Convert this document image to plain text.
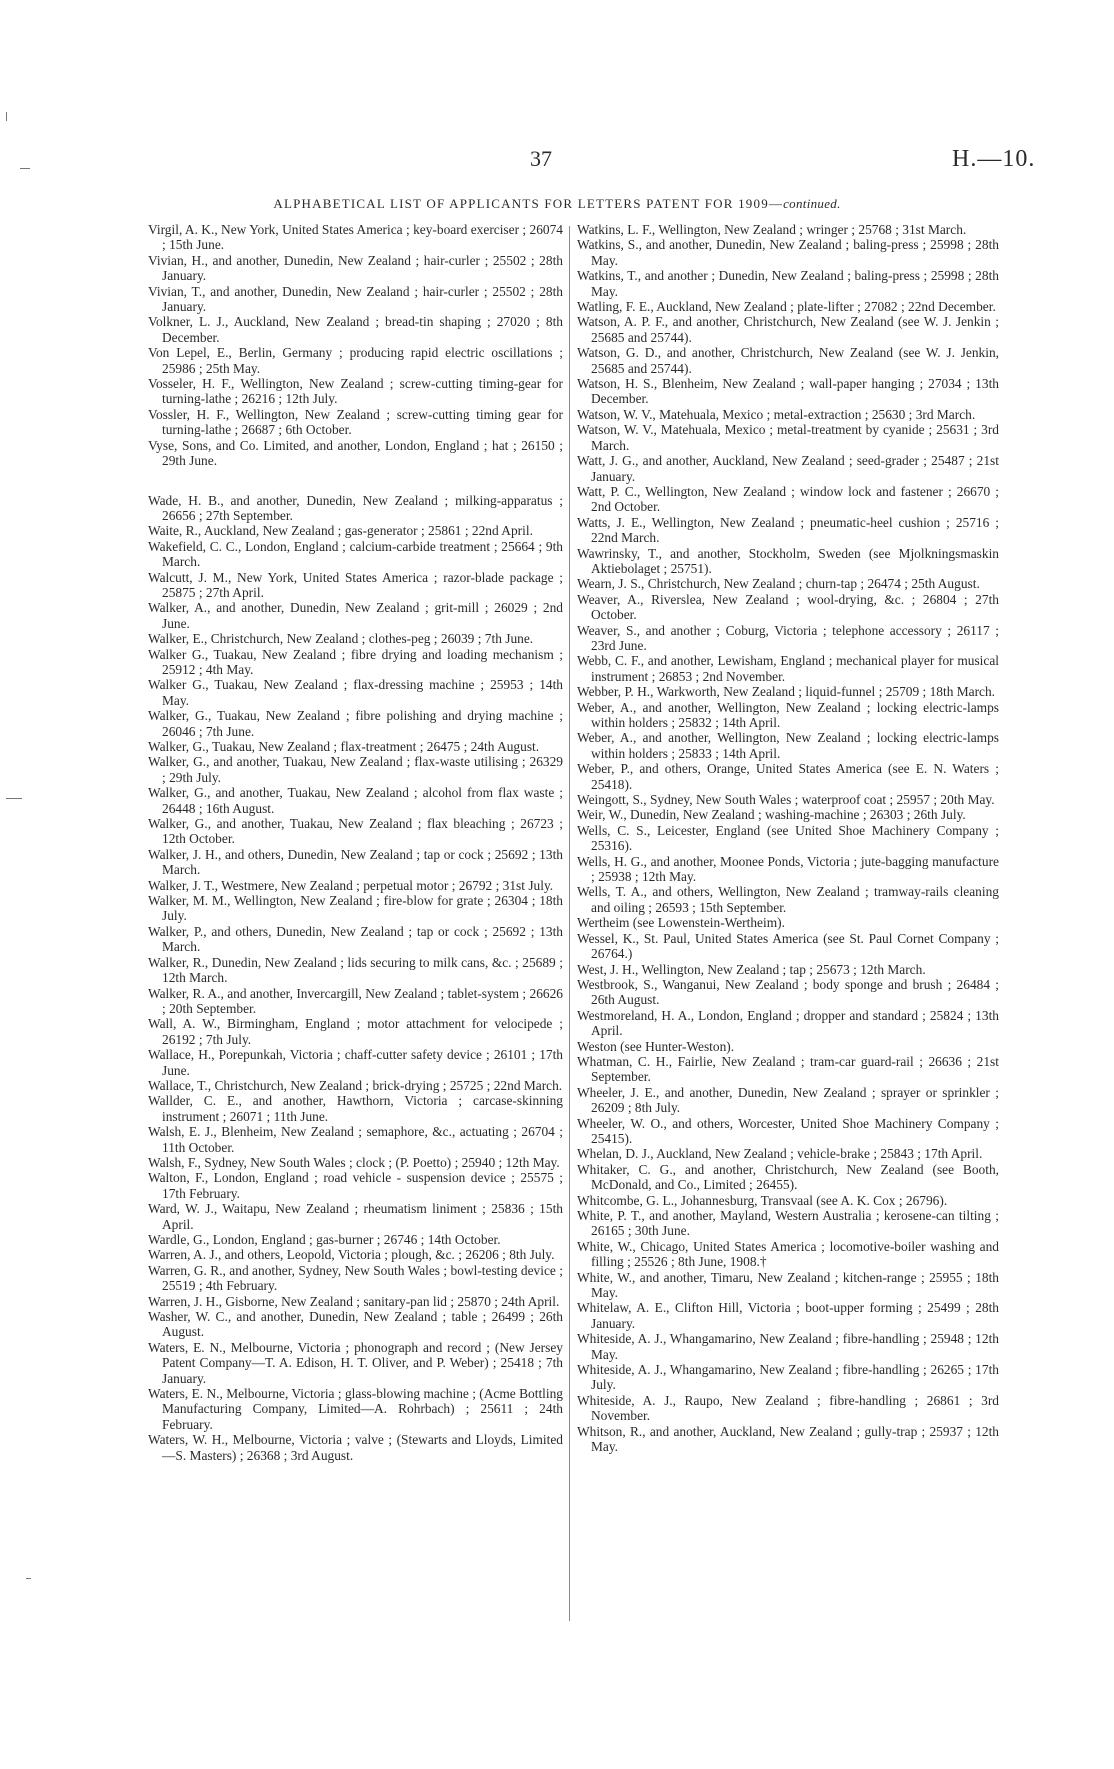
37	H.—10.
ALPHABETICAL LIST OF APPLICANTS FOR LETTERS PATENT FOR 1909—continued.

Virgil, A. K., New York, United States America ; key-board exerciser ; 26074 ; 15th June.

Vivian, H., and another, Dunedin, New Zealand ; hair-curler ; 25502 ; 28th January.

Vivian, T., and another, Dunedin, New Zealand ; hair-curler ; 25502 ; 28th January.

Volkner, L. J., Auckland, New Zealand ; bread-tin shaping ; 27020 ; 8th December.

Von Lepel, E., Berlin, Germany ; producing rapid electric oscillations ; 25986 ; 25th May.

Vosseler, H. F., Wellington, New Zealand ; screw-cutting timing-gear for turning-lathe ; 26216 ; 12th July.

Vossler, H. F., Wellington, New Zealand ; screw-cutting timing gear for turning-lathe ; 26687 ; 6th October.

Vyse, Sons, and Co. Limited, and another, London, England ; hat ; 26150 ; 29th June.

Wade, H. B., and another, Dunedin, New Zealand ; milking-apparatus ; 26656 ; 27th September.

Waite, R., Auckland, New Zealand ; gas-generator ; 25861 ; 22nd April.

Wakefield, C. C., London, England ; calcium-carbide treatment ; 25664 ; 9th March.

Walcutt, J. M., New York, United States America ; razor-blade package ; 25875 ; 27th April.

Walker, A., and another, Dunedin, New Zealand ; grit-mill ; 26029 ; 2nd June.

Walker, E., Christchurch, New Zealand ; clothes-peg ; 26039 ; 7th June.

Walker G., Tuakau, New Zealand ; fibre drying and loading mechanism ; 25912 ; 4th May.

Walker G., Tuakau, New Zealand ; flax-dressing machine ; 25953 ; 14th May.

Walker, G., Tuakau, New Zealand ; fibre polishing and drying machine ; 26046 ; 7th June.

Walker, G., Tuakau, New Zealand ; flax-treatment ; 26475 ; 24th August.

Walker, G., and another, Tuakau, New Zealand ; flax-waste utilising ; 26329 ; 29th July.

Walker, G., and another, Tuakau, New Zealand ; alcohol from flax waste ; 26448 ; 16th August.

Walker, G., and another, Tuakau, New Zealand ; flax bleaching ; 26723 ; 12th October.

Walker, J. H., and others, Dunedin, New Zealand ; tap or cock ; 25692 ; 13th March.

Walker, J. T., Westmere, New Zealand ; perpetual motor ; 26792 ; 31st July.

Walker, M. M., Wellington, New Zealand ; fire-blow for grate ; 26304 ; 18th July.

Walker, P., and others, Dunedin, New Zealand ; tap or cock ; 25692 ; 13th March.

Walker, R., Dunedin, New Zealand ; lids securing to milk cans, &c. ; 25689 ; 12th March.

Walker, R. A., and another, Invercargill, New Zealand ; tablet-system ; 26626 ; 20th September.

Wall, A. W., Birmingham, England ; motor attachment for velocipede ; 26192 ; 7th July.

Wallace, H., Porepunkah, Victoria ; chaff-cutter safety device ; 26101 ; 17th June.

Wallace, T., Christchurch, New Zealand ; brick-drying ; 25725 ; 22nd March.

Wallder, C. E., and another, Hawthorn, Victoria ; carcase-skinning instrument ; 26071 ; 11th June.

Walsh, E. J., Blenheim, New Zealand ; semaphore, &c., actuating ; 26704 ; 11th October.

Walsh, F., Sydney, New South Wales ; clock ; (P. Poetto) ; 25940 ; 12th May.

Walton, F., London, England ; road vehicle - suspension device ; 25575 ; 17th February.

Ward, W. J., Waitapu, New Zealand ; rheumatism liniment ; 25836 ; 15th April.

Wardle, G., London, England ; gas-burner ; 26746 ; 14th October.

Warren, A. J., and others, Leopold, Victoria ; plough, &c. ; 26206 ; 8th July.

Warren, G. R., and another, Sydney, New South Wales ; bowl-testing device ; 25519 ; 4th February.

Warren, J. H., Gisborne, New Zealand ; sanitary-pan lid ; 25870 ; 24th April.

Washer, W. C., and another, Dunedin, New Zealand ; table ; 26499 ; 26th August.

Waters, E. N., Melbourne, Victoria ; phonograph and record ; (New Jersey Patent Company—T. A. Edison, H. T. Oliver, and P. Weber) ; 25418 ; 7th January.

Waters, E. N., Melbourne, Victoria ; glass-blowing machine ; (Acme Bottling Manufacturing Company, Limited—A. Rohrbach) ; 25611 ; 24th February.

Waters, W. H., Melbourne, Victoria ; valve ; (Stewarts and Lloyds, Limited—S. Masters) ; 26368 ; 3rd August.

Watkins, L. F., Wellington, New Zealand ; wringer ; 25768 ; 31st March.

Watkins, S., and another, Dunedin, New Zealand ; baling-press ; 25998 ; 28th May.

Watkins, T., and another ; Dunedin, New Zealand ; baling-press ; 25998 ; 28th May.

Watling, F. E., Auckland, New Zealand ; plate-lifter ; 27082 ; 22nd December.

Watson, A. P. F., and another, Christchurch, New Zealand (see W. J. Jenkin ; 25685 and 25744).

Watson, G. D., and another, Christchurch, New Zealand (see W. J. Jenkin, 25685 and 25744).

Watson, H. S., Blenheim, New Zealand ; wall-paper hanging ; 27034 ; 13th December.

Watson, W. V., Matehuala, Mexico ; metal-extraction ; 25630 ; 3rd March.

Watson, W. V., Matehuala, Mexico ; metal-treatment by cyanide ; 25631 ; 3rd March.

Watt, J. G., and another, Auckland, New Zealand ; seed-grader ; 25487 ; 21st January.

Watt, P. C., Wellington, New Zealand ; window lock and fastener ; 26670 ; 2nd October.

Watts, J. E., Wellington, New Zealand ; pneumatic-heel cushion ; 25716 ; 22nd March.

Wawrinsky, T., and another, Stockholm, Sweden (see Mjolkningsmaskin Aktiebolaget ; 25751).

Wearn, J. S., Christchurch, New Zealand ; churn-tap ; 26474 ; 25th August.

Weaver, A., Riverslea, New Zealand ; wool-drying, &c. ; 26804 ; 27th October.

Weaver, S., and another ; Coburg, Victoria ; telephone accessory ; 26117 ; 23rd June.

Webb, C. F., and another, Lewisham, England ; mechanical player for musical instrument ; 26853 ; 2nd November.

Webber, P. H., Warkworth, New Zealand ; liquid-funnel ; 25709 ; 18th March.

Weber, A., and another, Wellington, New Zealand ; locking electric-lamps within holders ; 25832 ; 14th April.

Weber, A., and another, Wellington, New Zealand ; locking electric-lamps within holders ; 25833 ; 14th April.

Weber, P., and others, Orange, United States America (see E. N. Waters ; 25418).

Weingott, S., Sydney, New South Wales ; waterproof coat ; 25957 ; 20th May.

Weir, W., Dunedin, New Zealand ; washing-machine ; 26303 ; 26th July.

Wells, C. S., Leicester, England (see United Shoe Machinery Company ; 25316).

Wells, H. G., and another, Moonee Ponds, Victoria ; jute-bagging manufacture ; 25938 ; 12th May.

Wells, T. A., and others, Wellington, New Zealand ; tramway-rails cleaning and oiling ; 26593 ; 15th September.

Wertheim (see Lowenstein-Wertheim).

Wessel, K., St. Paul, United States America (see St. Paul Cornet Company ; 26764.)

West, J. H., Wellington, New Zealand ; tap ; 25673 ; 12th March.

Westbrook, S., Wanganui, New Zealand ; body sponge and brush ; 26484 ; 26th August.

Westmoreland, H. A., London, England ; dropper and standard ; 25824 ; 13th April.

Weston (see Hunter-Weston).

Whatman, C. H., Fairlie, New Zealand ; tram-car guard-rail ; 26636 ; 21st September.

Wheeler, J. E., and another, Dunedin, New Zealand ; sprayer or sprinkler ; 26209 ; 8th July.

Wheeler, W. O., and others, Worcester, United Shoe Machinery Company ; 25415).

Whelan, D. J., Auckland, New Zealand ; vehicle-brake ; 25843 ; 17th April.

Whitaker, C. G., and another, Christchurch, New Zealand (see Booth, McDonald, and Co., Limited ; 26455).

Whitcombe, G. L., Johannesburg, Transvaal (see A. K. Cox ; 26796).

White, P. T., and another, Mayland, Western Australia ; kerosene-can tilting ; 26165 ; 30th June.

White, W., Chicago, United States America ; locomotive-boiler washing and filling ; 25526 ; 8th June, 1908.†

White, W., and another, Timaru, New Zealand ; kitchen-range ; 25955 ; 18th May.

Whitelaw, A. E., Clifton Hill, Victoria ; boot-upper forming ; 25499 ; 28th January.

Whiteside, A. J., Whangamarino, New Zealand ; fibre-handling ; 25948 ; 12th May.

Whiteside, A. J., Whangamarino, New Zealand ; fibre-handling ; 26265 ; 17th July.

Whiteside, A. J., Raupo, New Zealand ; fibre-handling ; 26861 ; 3rd November.

Whitson, R., and another, Auckland, New Zealand ; gully-trap ; 25937 ; 12th May.
